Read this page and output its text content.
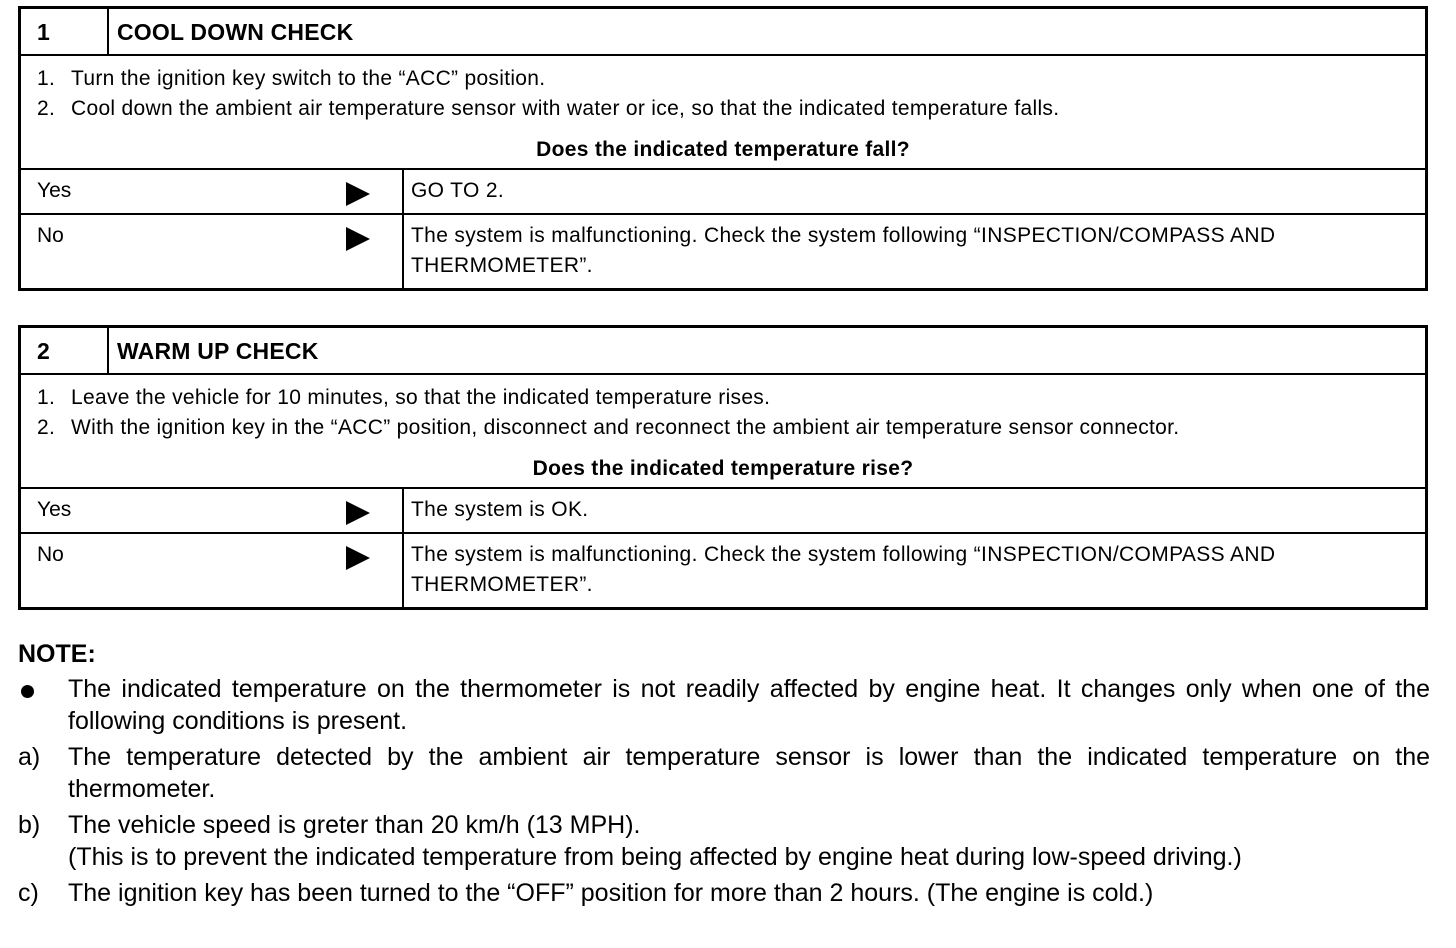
1	COOL DOWN CHECK
1. Turn the ignition key switch to the “ACC” position.
2. Cool down the ambient air temperature sensor with water or ice, so that the indicated temperature falls.
Does the indicated temperature fall?
Yes	GO TO 2.
No	The system is malfunctioning. Check the system following “INSPECTION/COMPASS AND THERMOMETER”.
2	WARM UP CHECK
1. Leave the vehicle for 10 minutes, so that the indicated temperature rises.
2. With the ignition key in the “ACC” position, disconnect and reconnect the ambient air temperature sensor connector.
Does the indicated temperature rise?
Yes	The system is OK.
No	The system is malfunctioning. Check the system following “INSPECTION/COMPASS AND THERMOMETER”.
NOTE:
The indicated temperature on the thermometer is not readily affected by engine heat. It changes only when one of the following conditions is present.
a)	The temperature detected by the ambient air temperature sensor is lower than the indicated temperature on the thermometer.
b)	The vehicle speed is greter than 20 km/h (13 MPH).
(This is to prevent the indicated temperature from being affected by engine heat during low-speed driving.)
c)	The ignition key has been turned to the “OFF” position for more than 2 hours. (The engine is cold.)
